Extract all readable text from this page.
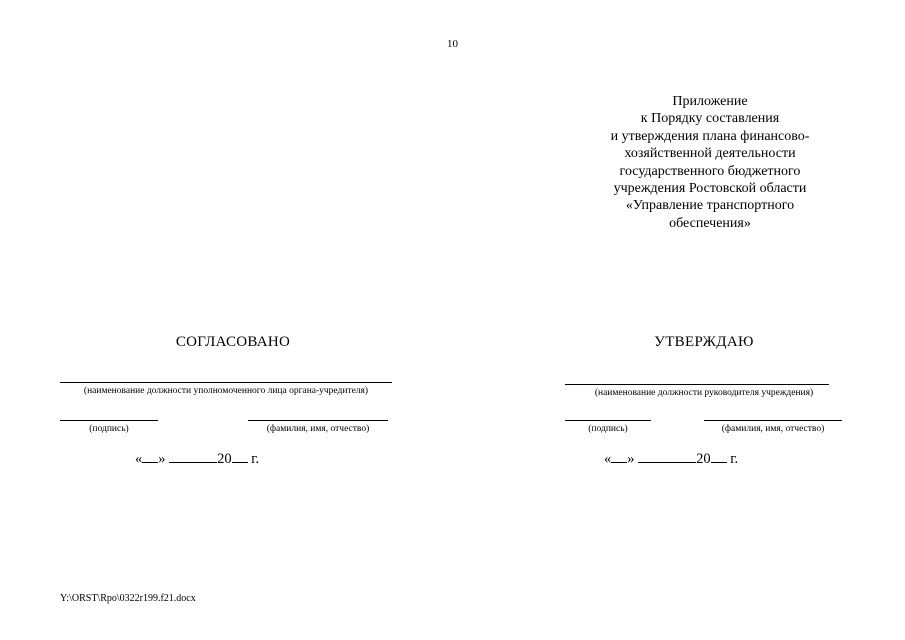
10
Приложение
к Порядку составления
и утверждения плана финансово-
хозяйственной деятельности
государственного бюджетного
учреждения Ростовской области
«Управление транспортного
обеспечения»
СОГЛАСОВАНО
(наименование должности уполномоченного лица органа-учредителя)
(подпись)	(фамилия, имя, отчество)
« »	20 г.
УТВЕРЖДАЮ
(наименование должности руководителя учреждения)
(подпись)	(фамилия, имя, отчество)
« »	20 г.
Y:\ORST\Rpo\0322r199.f21.docx
